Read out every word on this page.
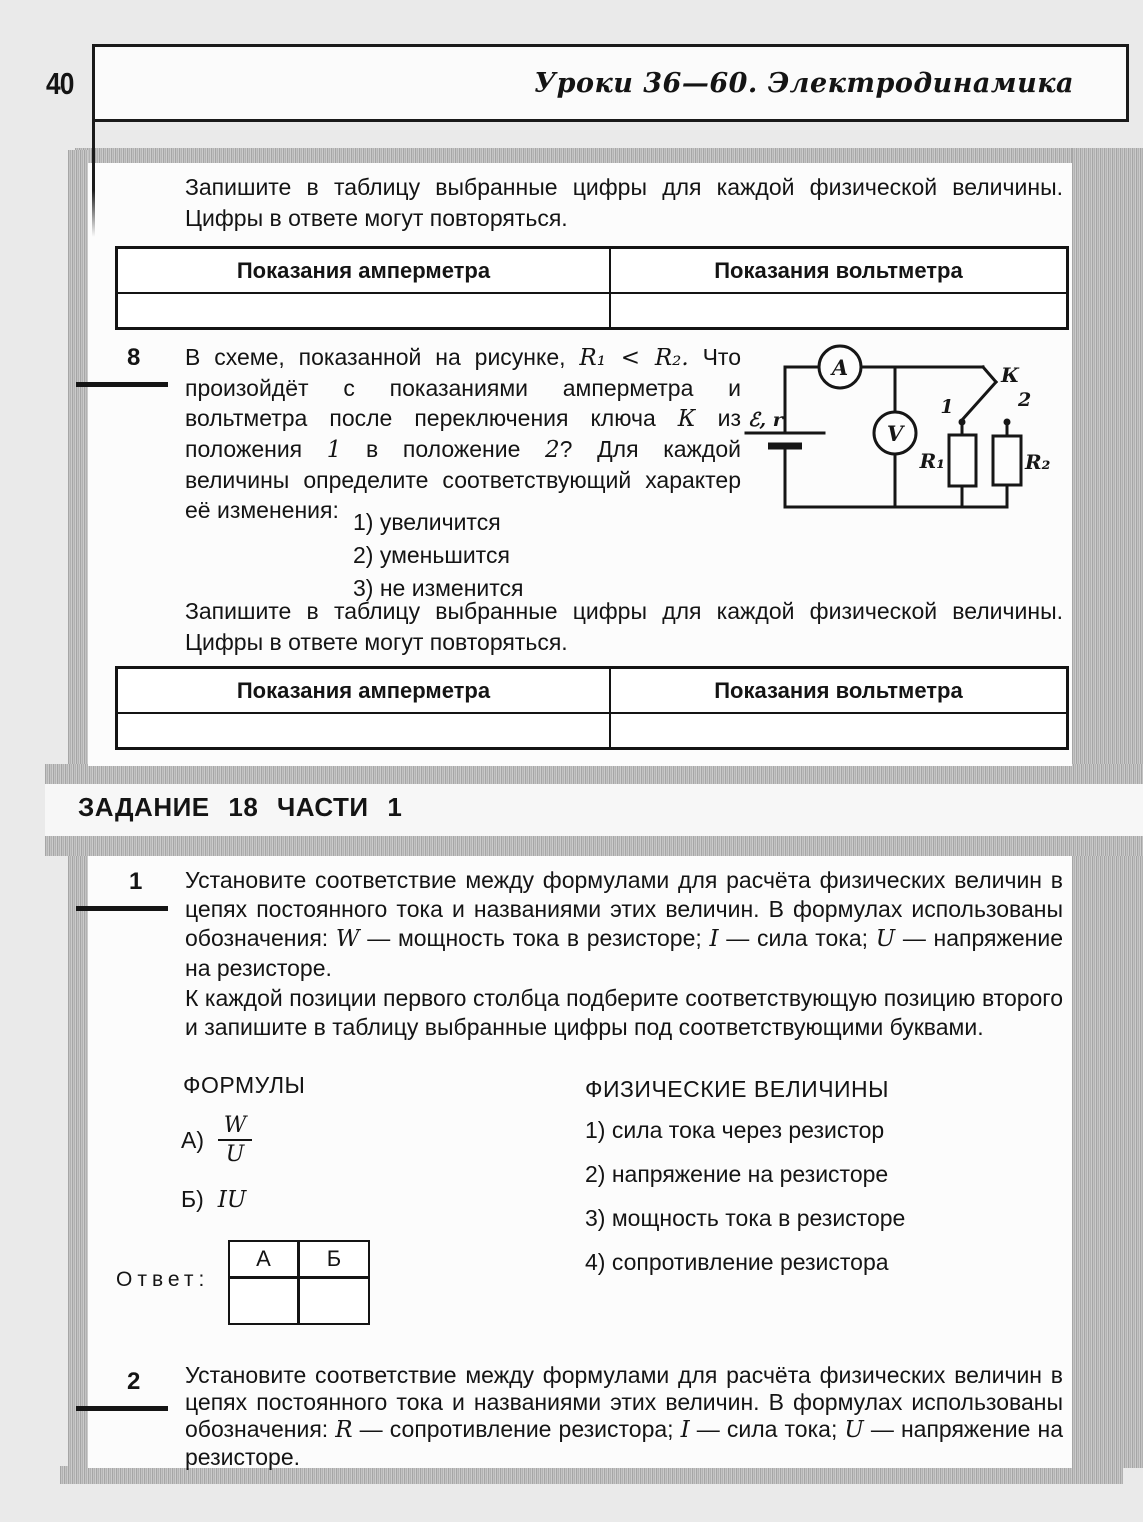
40	Уроки 36—60. Электродинамика

Запишите в таблицу выбранные цифры для каждой физической величины. Цифры в ответе могут повторяться.

Показания амперметра	Показания вольтметра
8 В схеме, показанной на рисунке, R₁ < R₂. Что произойдёт с показаниями амперметра и вольтметра после переключения ключа К из положения 1 в положение 2? Для каждой величины определите соответствующий характер её изменения:

A
V
ℰ, r
К
1	2
R₁	R₂
1) увеличится
2) уменьшится
3) не изменится

Запишите в таблицу выбранные цифры для каждой физической величины. Цифры в ответе могут повторяться.

Показания амперметра	Показания вольтметра
ЗАДАНИЕ 18 ЧАСТИ 1
1 Установите соответствие между формулами для расчёта физических величин в цепях постоянного тока и названиями этих величин. В формулах использованы обозначения: W — мощность тока в резисторе; I — сила тока; U — напряжение на резисторе.

К каждой позиции первого столбца подберите соответствующую позицию второго и запишите в таблицу выбранные цифры под соответствующими буквами.

ФОРМУЛЫ
$А) \frac{W}{U}$
Б) IU
ФИЗИЧЕСКИЕ ВЕЛИЧИНЫ
1) сила тока через резистор
2) напряжение на резисторе
3) мощность тока в резисторе
4) сопротивление резистора
Ответ:
А	Б
2 Установите соответствие между формулами для расчёта физических величин в цепях постоянного тока и названиями этих величин. В формулах использованы обозначения: R — сопротивление резистора; I — сила тока; U — напряжение на резисторе.
